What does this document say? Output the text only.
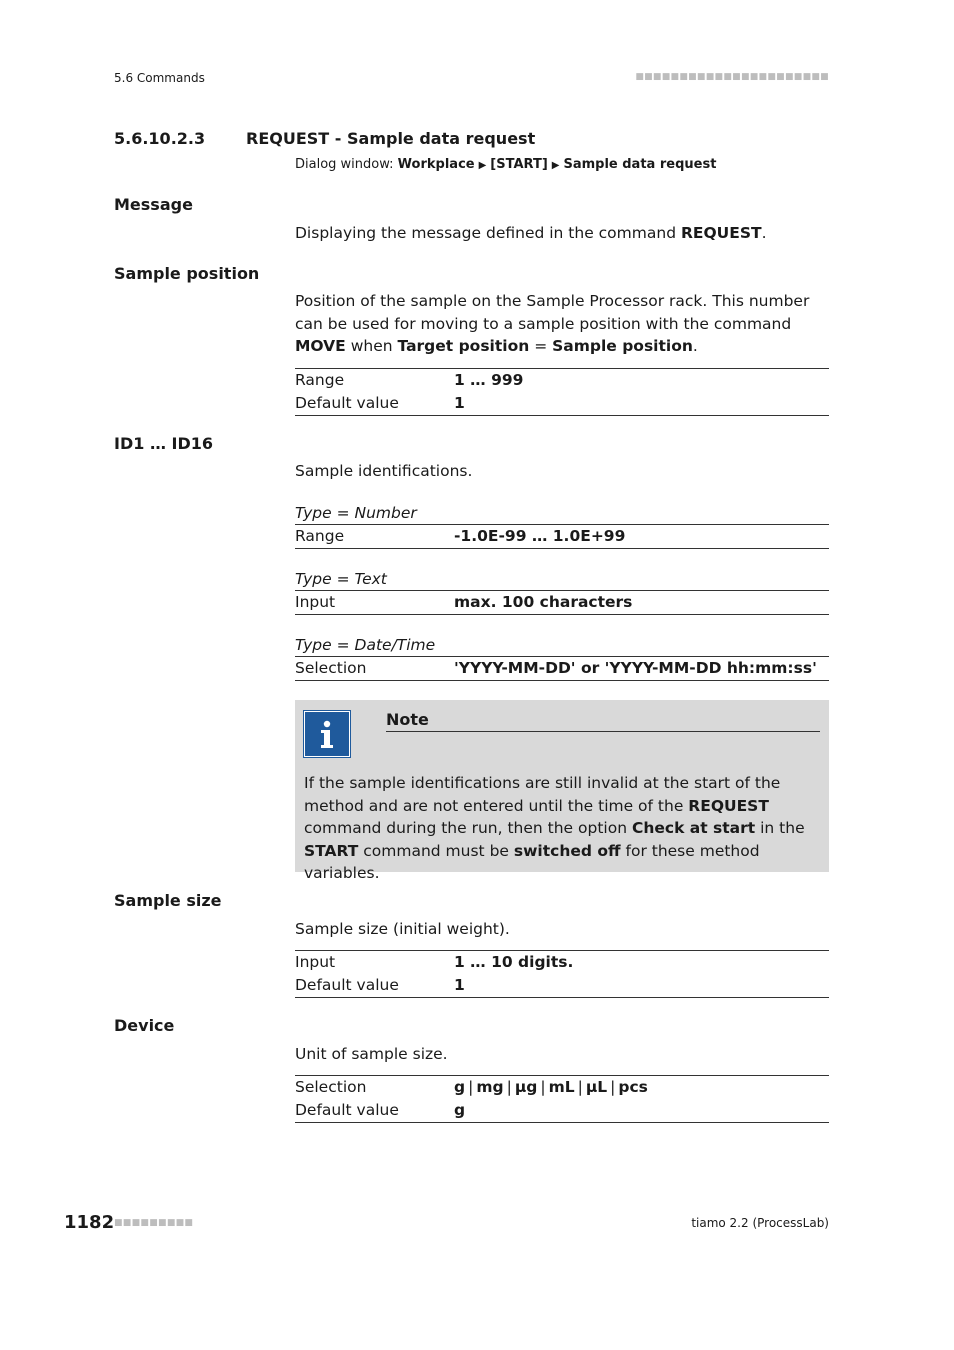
5.6 Commands	■■■■■■■■■■■■■■■■■■■■■■
5.6.10.2.3	REQUEST - Sample data request
Dialog window: Workplace ▶ [START] ▶ Sample data request
Message
Displaying the message defined in the command REQUEST.
Sample position
Position of the sample on the Sample Processor rack. This number can be used for moving to a sample position with the command MOVE when Target position = Sample position.
Range	1 … 999
Default value	1
ID1 … ID16
Sample identifications.
Type = Number
Range	-1.0E-99 … 1.0E+99
Type = Text
Input	max. 100 characters
Type = Date/Time
Selection	'YYYY-MM-DD' or 'YYYY-MM-DD hh:mm:ss'
Note
If the sample identifications are still invalid at the start of the method and are not entered until the time of the REQUEST command during the run, then the option Check at start in the START command must be switched off for these method variables.
Sample size
Sample size (initial weight).
Input	1 … 10 digits.
Default value	1
Device
Unit of sample size.
Selection	g | mg | µg | mL | µL | pcs
Default value	g
1182 ■■■■■■■■■	tiamo 2.2 (ProcessLab)
